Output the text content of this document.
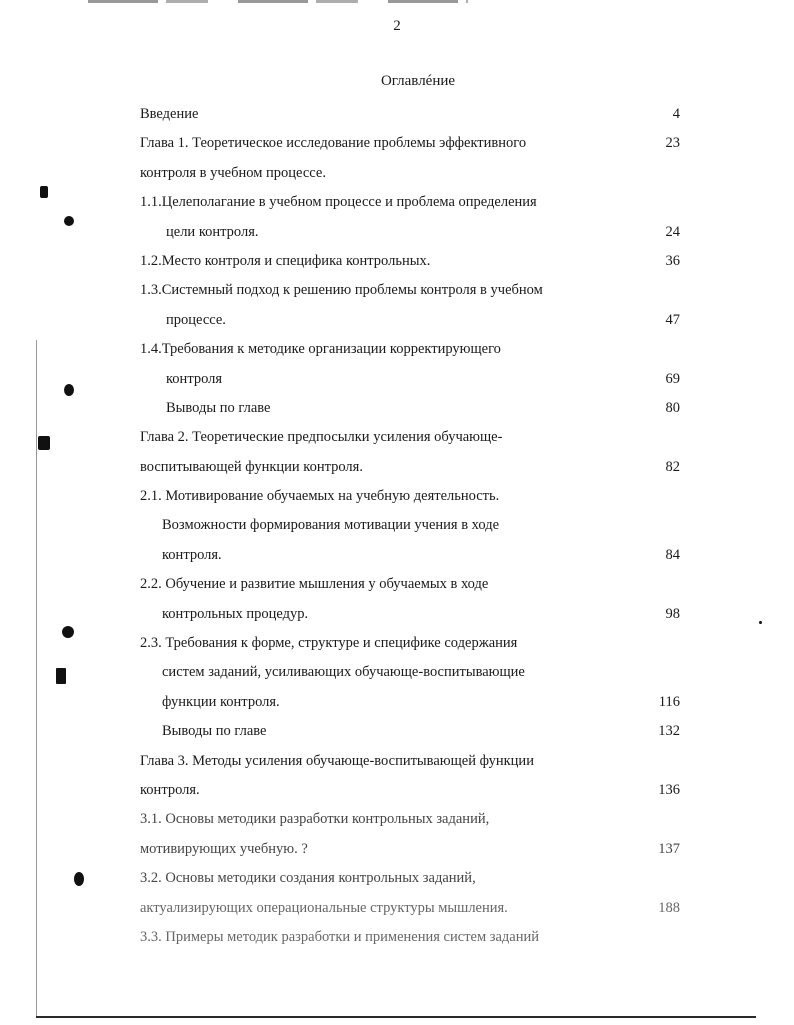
2
Оглавлéние
Введение	4
Глава 1. Теоретическое исследование проблемы эффективного	23
контроля в учебном процессе.
1.1.Целеполагание в учебном процессе и проблема определения
цели контроля.	24
1.2.Место контроля и специфика контрольных.	36
1.3.Системный подход к решению проблемы контроля в учебном
процессе.	47
1.4.Требования к методике организации корректирующего
контроля	69
Выводы по главе	80
Глава 2. Теоретические предпосылки усиления обучающе-
воспитывающей функции контроля.	82
2.1. Мотивирование обучаемых на учебную деятельность.
Возможности формирования мотивации учения в ходе
контроля.	84
2.2. Обучение и развитие мышления у обучаемых в ходе
контрольных процедур.	98
2.3. Требования к форме, структуре и специфике содержания
систем заданий, усиливающих обучающе-воспитывающие
функции контроля.	116
Выводы по главе	132
Глава 3. Методы усиления обучающе-воспитывающей функции
контроля.	136
3.1. Основы методики разработки контрольных заданий,
мотивирующих учебную. ?	137
3.2. Основы методики создания контрольных заданий,
актуализирующих операциональные структуры мышления.	188
3.3. Примеры методик разработки и применения систем заданий
